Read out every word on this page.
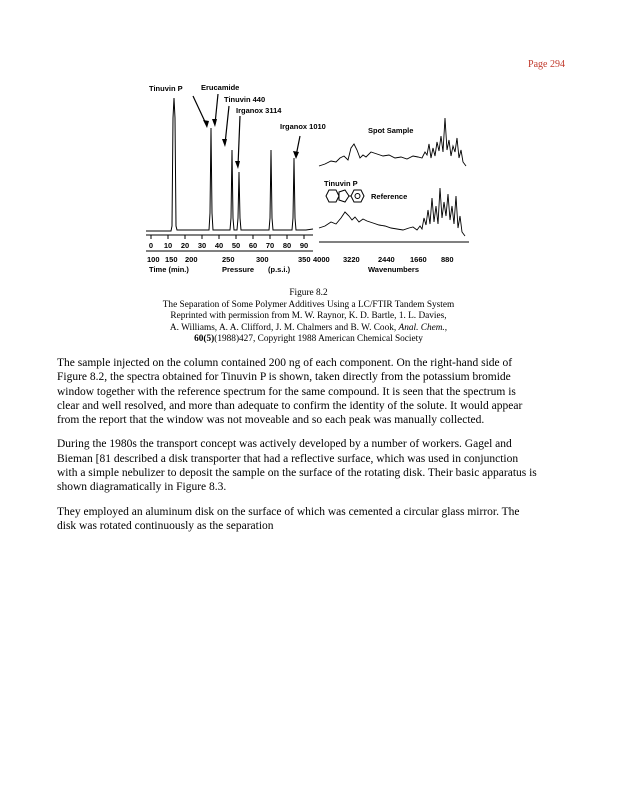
Page 294
Tinuvin P Erucamide
Tinuvin 440
Irganox 3114
Irganox 1010
0 10 20 30 40 50 60 70 80 90
100 150 200	250	300	350
Time (min.)	Pressure (p.s.i.)
Spot Sample
Tinuvin P
Reference
4000 3220 2440 1660 880
Wavenumbers
Figure 8.2
The Separation of Some Polymer Additives Using a LC/FTIR Tandem System
Reprinted with permission from M. W. Raynor, K. D. Bartle, 1. L. Davies,
A. Williams, A. A. Clifford, J. M. Chalmers and B. W. Cook, Anal. Chem.,
60(5)(1988)427, Copyright 1988 American Chemical Society

The sample injected on the column contained 200 ng of each component. On the right-hand side of
Figure 8.2, the spectra obtained for Tinuvin P is shown, taken directly from the potassium bromide
window together with the reference spectrum for the same compound. It is seen that the spectrum is
clear and well resolved, and more than adequate to confirm the identity of the solute. It would appear
from the report that the window was not moveable and so each peak was manually collected.

During the 1980s the transport concept was actively developed by a number of workers. Gagel and
Bieman [81 described a disk transporter that had a reflective surface, which was used in conjunction
with a simple nebulizer to deposit the sample on the surface of the rotating disk. Their basic apparatus is
shown diagramatically in Figure 8.3.

They employed an aluminum disk on the surface of which was cemented a circular glass mirror. The
disk was rotated continuously as the separation
